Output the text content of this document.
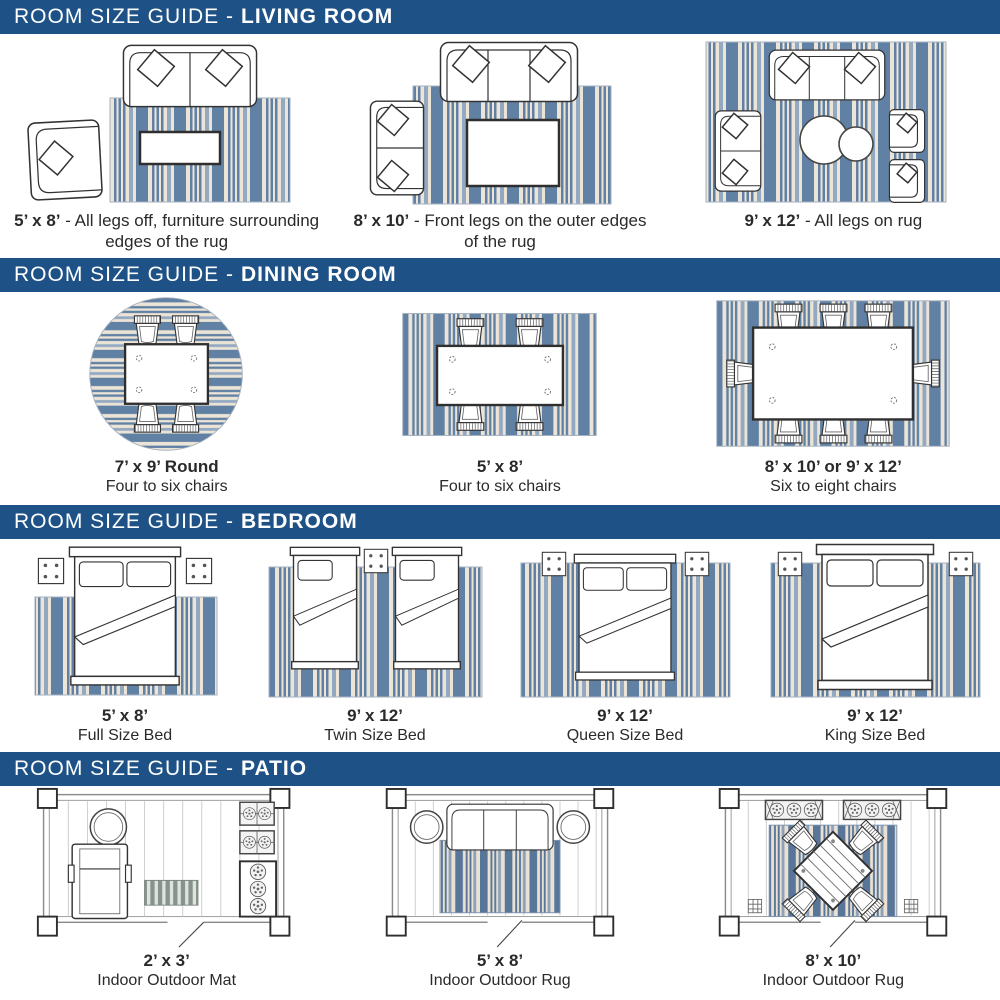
ROOM SIZE GUIDE - LIVING ROOM
5’ x 8’ - All legs off, furniture surrounding edges of the rug
8’ x 10’ - Front legs on the outer edges of the rug
9’ x 12’ - All legs on rug
ROOM SIZE GUIDE - DINING ROOM
7’ x 9’ Round
Four to six chairs
5’ x 8’
Four to six chairs
8’ x 10’ or 9’ x 12’
Six to eight chairs
ROOM SIZE GUIDE - BEDROOM
5’ x 8’
Full Size Bed
9’ x 12’
Twin Size Bed
9’ x 12’
Queen Size Bed
9’ x 12’
King Size Bed
ROOM SIZE GUIDE - PATIO
2’ x 3’
Indoor Outdoor Mat
5’ x 8’
Indoor Outdoor Rug
8’ x 10’
Indoor Outdoor Rug
